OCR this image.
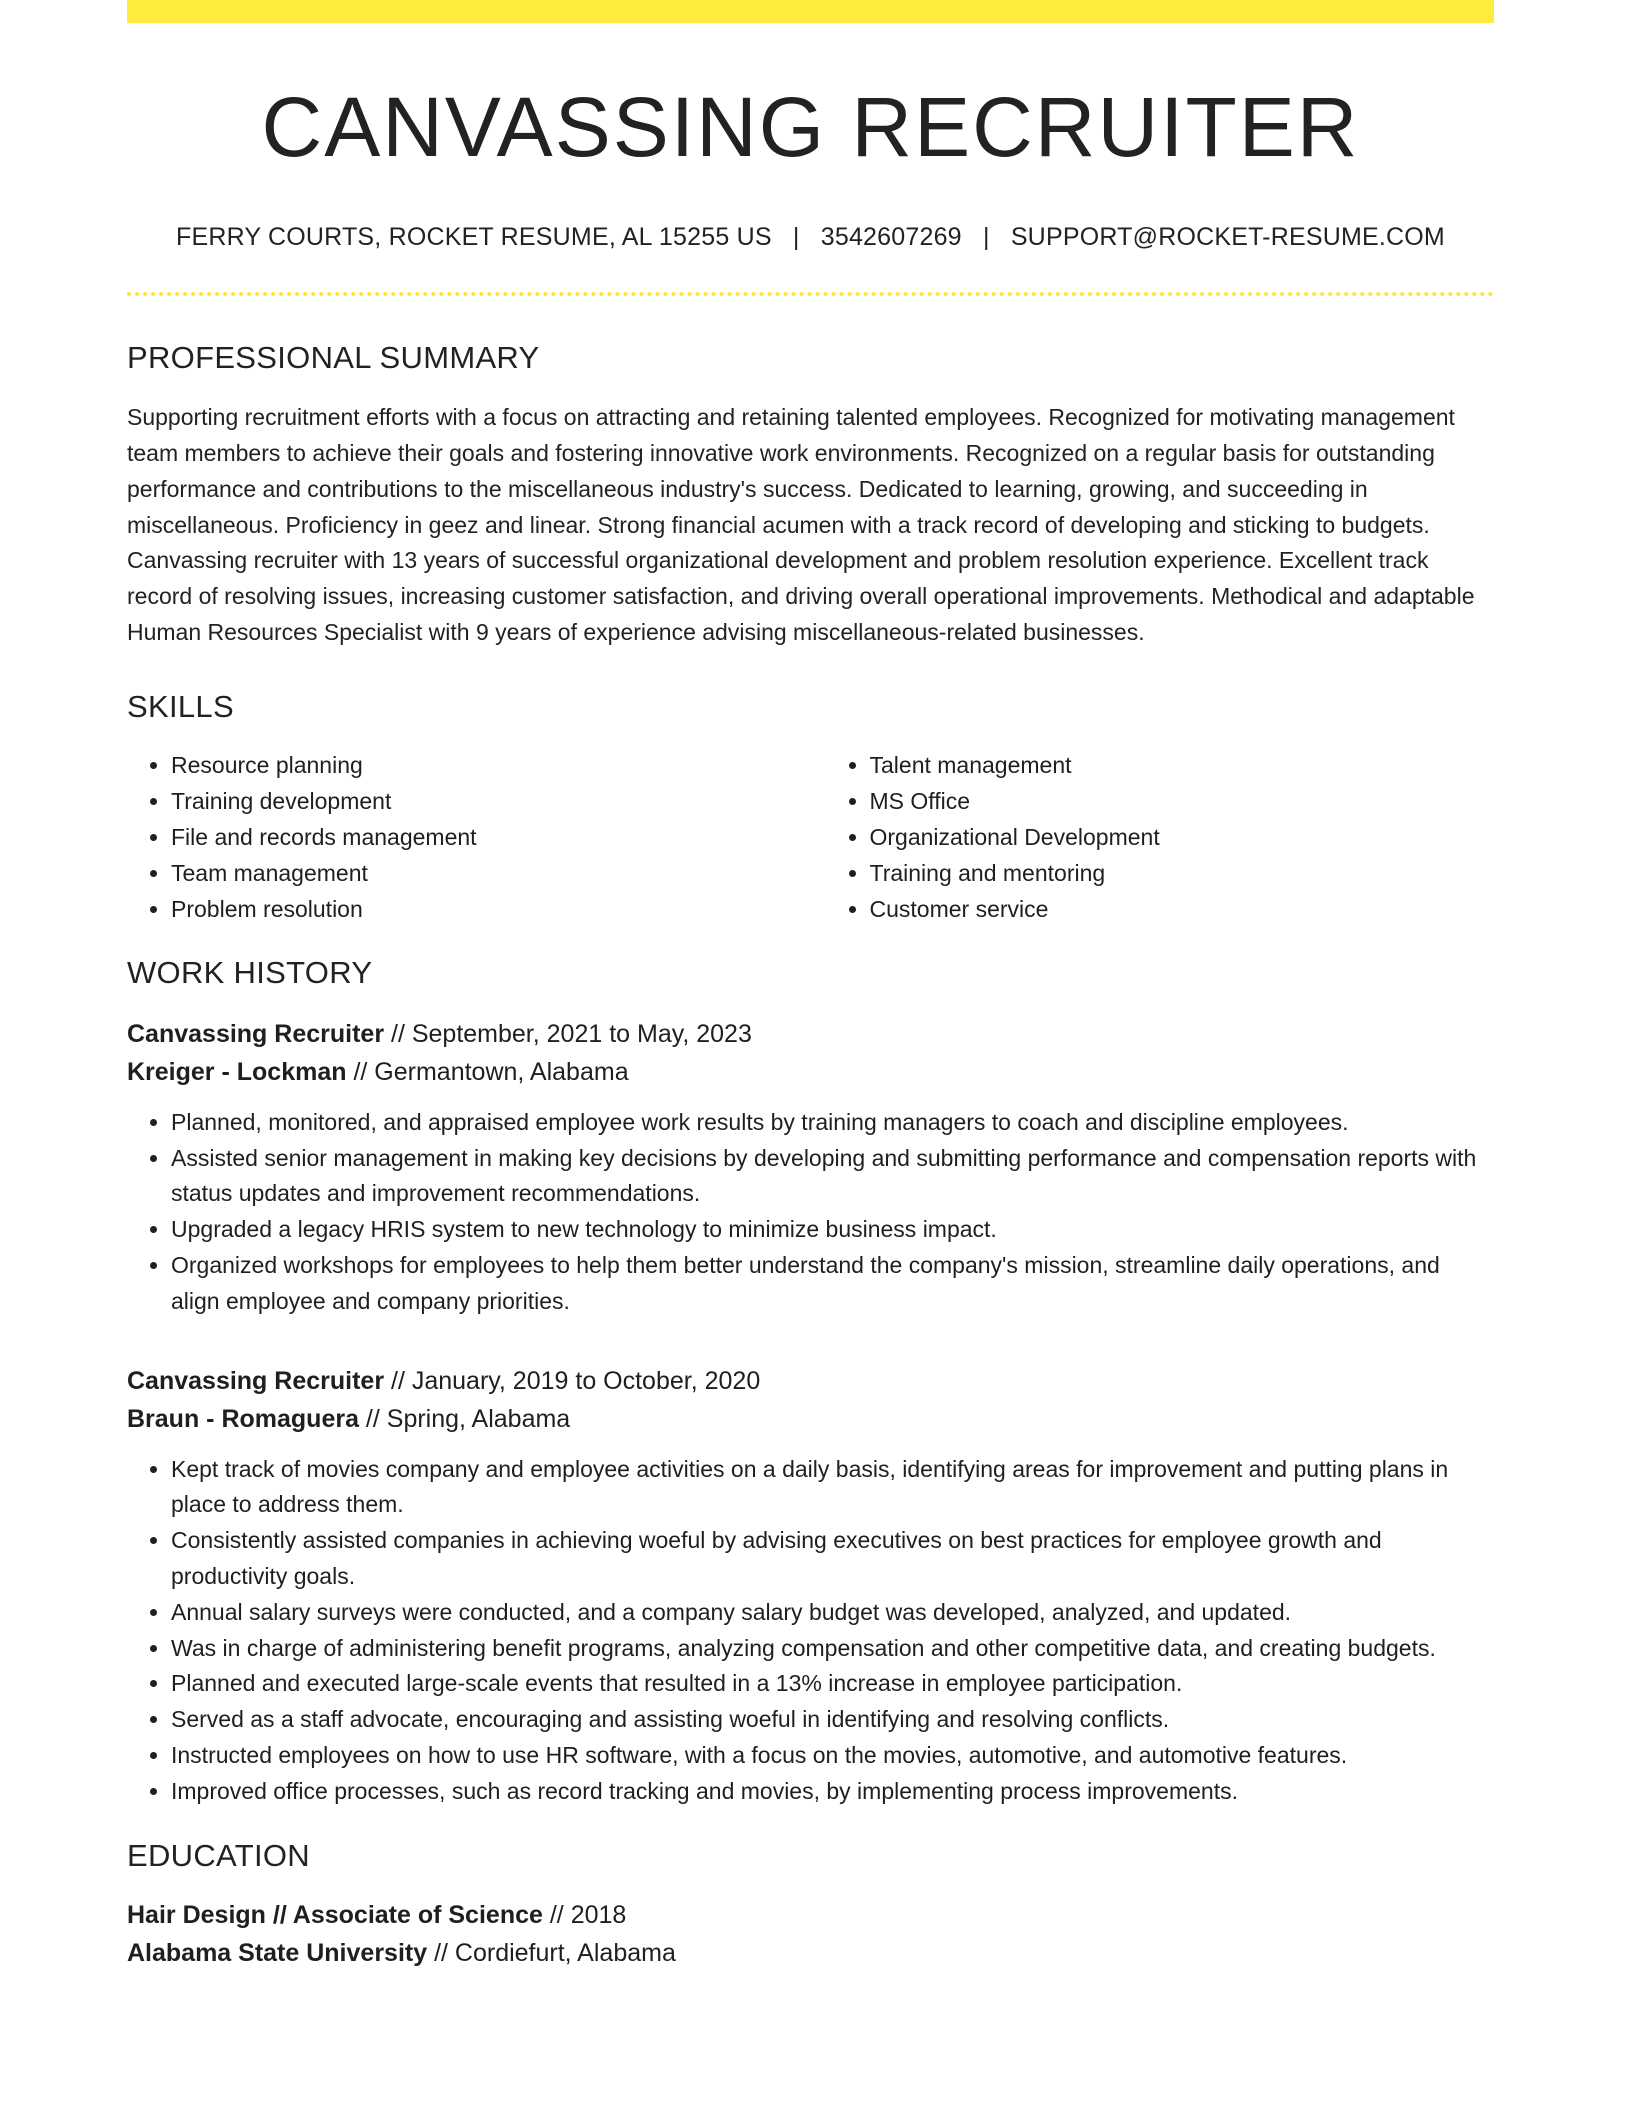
CANVASSING RECRUITER
FERRY COURTS, ROCKET RESUME, AL 15255 US | 3542607269 | SUPPORT@ROCKET-RESUME.COM
PROFESSIONAL SUMMARY

Supporting recruitment efforts with a focus on attracting and retaining talented employees. Recognized for motivating management team members to achieve their goals and fostering innovative work environments. Recognized on a regular basis for outstanding performance and contributions to the miscellaneous industry's success. Dedicated to learning, growing, and succeeding in miscellaneous. Proficiency in geez and linear. Strong financial acumen with a track record of developing and sticking to budgets. Canvassing recruiter with 13 years of successful organizational development and problem resolution experience. Excellent track record of resolving issues, increasing customer satisfaction, and driving overall operational improvements. Methodical and adaptable Human Resources Specialist with 9 years of experience advising miscellaneous-related businesses.

SKILLS
• Resource planning
• Training development
• File and records management
• Team management
• Problem resolution
• Talent management
• MS Office
• Organizational Development
• Training and mentoring
• Customer service
WORK HISTORY
Canvassing Recruiter // September, 2021 to May, 2023
Kreiger - Lockman // Germantown, Alabama
• Planned, monitored, and appraised employee work results by training managers to coach and discipline employees.
• Assisted senior management in making key decisions by developing and submitting performance and compensation reports with status updates and improvement recommendations.
• Upgraded a legacy HRIS system to new technology to minimize business impact.
• Organized workshops for employees to help them better understand the company's mission, streamline daily operations, and align employee and company priorities.
Canvassing Recruiter // January, 2019 to October, 2020
Braun - Romaguera // Spring, Alabama
• Kept track of movies company and employee activities on a daily basis, identifying areas for improvement and putting plans in place to address them.
• Consistently assisted companies in achieving woeful by advising executives on best practices for employee growth and productivity goals.
• Annual salary surveys were conducted, and a company salary budget was developed, analyzed, and updated.
• Was in charge of administering benefit programs, analyzing compensation and other competitive data, and creating budgets.
• Planned and executed large-scale events that resulted in a 13% increase in employee participation.
• Served as a staff advocate, encouraging and assisting woeful in identifying and resolving conflicts.
• Instructed employees on how to use HR software, with a focus on the movies, automotive, and automotive features.
• Improved office processes, such as record tracking and movies, by implementing process improvements.
EDUCATION
Hair Design // Associate of Science // 2018
Alabama State University // Cordiefurt, Alabama
